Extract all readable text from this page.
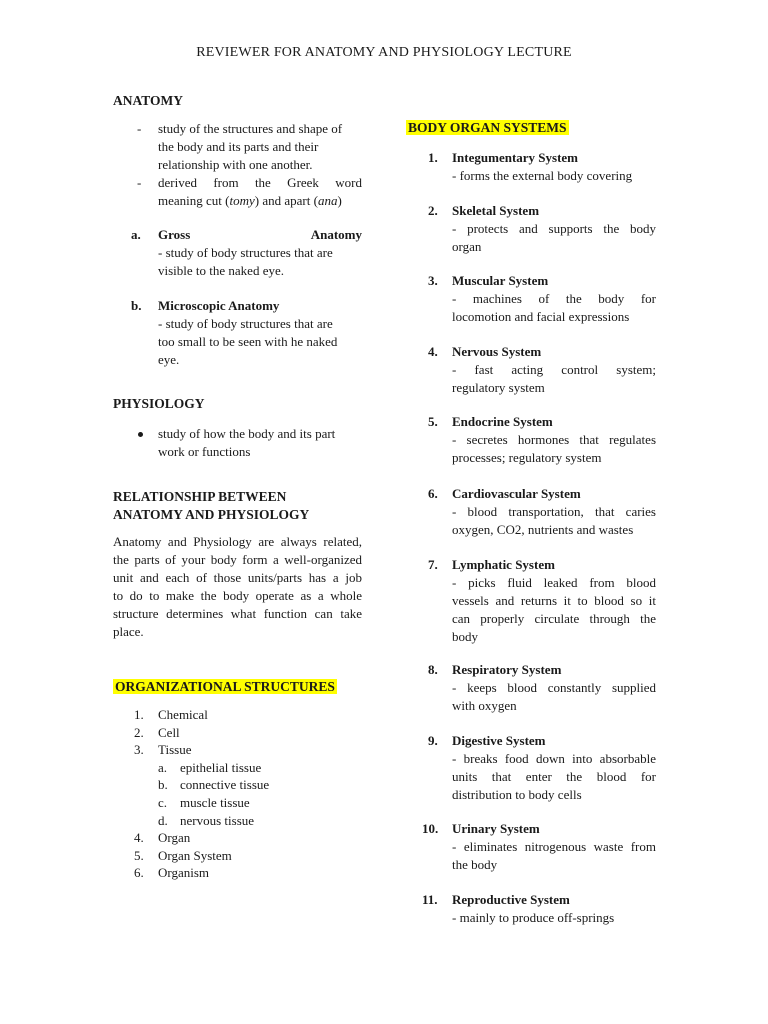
REVIEWER FOR ANATOMY AND PHYSIOLOGY LECTURE
ANATOMY
- study of the structures and shape of
the body and its parts and their
relationship with one another.
- derived from the Greek word
meaning cut (tomy) and apart (ana)
a. Gross	Anatomy
- study of body structures that are
visible to the naked eye.
b. Microscopic Anatomy
- study of body structures that are
too small to be seen with he naked
eye.
PHYSIOLOGY
study of how the body and its part
work or functions
RELATIONSHIP BETWEEN
ANATOMY AND PHYSIOLOGY
Anatomy and Physiology are always related,
the parts of your body form a well-organized
unit and each of those units/parts has a job
to do to make the body operate as a whole
structure determines what function can take
place.
ORGANIZATIONAL STRUCTURES
1. Chemical
2. Cell
3. Tissue
a. epithelial tissue
b. connective tissue
c. muscle tissue
d. nervous tissue
4. Organ
5. Organ System
6. Organism
BODY ORGAN SYSTEMS
1. Integumentary System
- forms the external body covering
2. Skeletal System
- protects and supports the body
organ
3. Muscular System
- machines of the body for
locomotion and facial expressions
4. Nervous System
- fast acting control system;
regulatory system
5. Endocrine System
- secretes hormones that regulates
processes; regulatory system
6. Cardiovascular System
- blood transportation, that caries
oxygen, CO2, nutrients and wastes
7. Lymphatic System
- picks fluid leaked from blood
vessels and returns it to blood so it
can properly circulate through the
body
8. Respiratory System
- keeps blood constantly supplied
with oxygen
9. Digestive System
- breaks food down into absorbable
units that enter the blood for
distribution to body cells
10. Urinary System
- eliminates nitrogenous waste from
the body
11. Reproductive System
- mainly to produce off-springs
